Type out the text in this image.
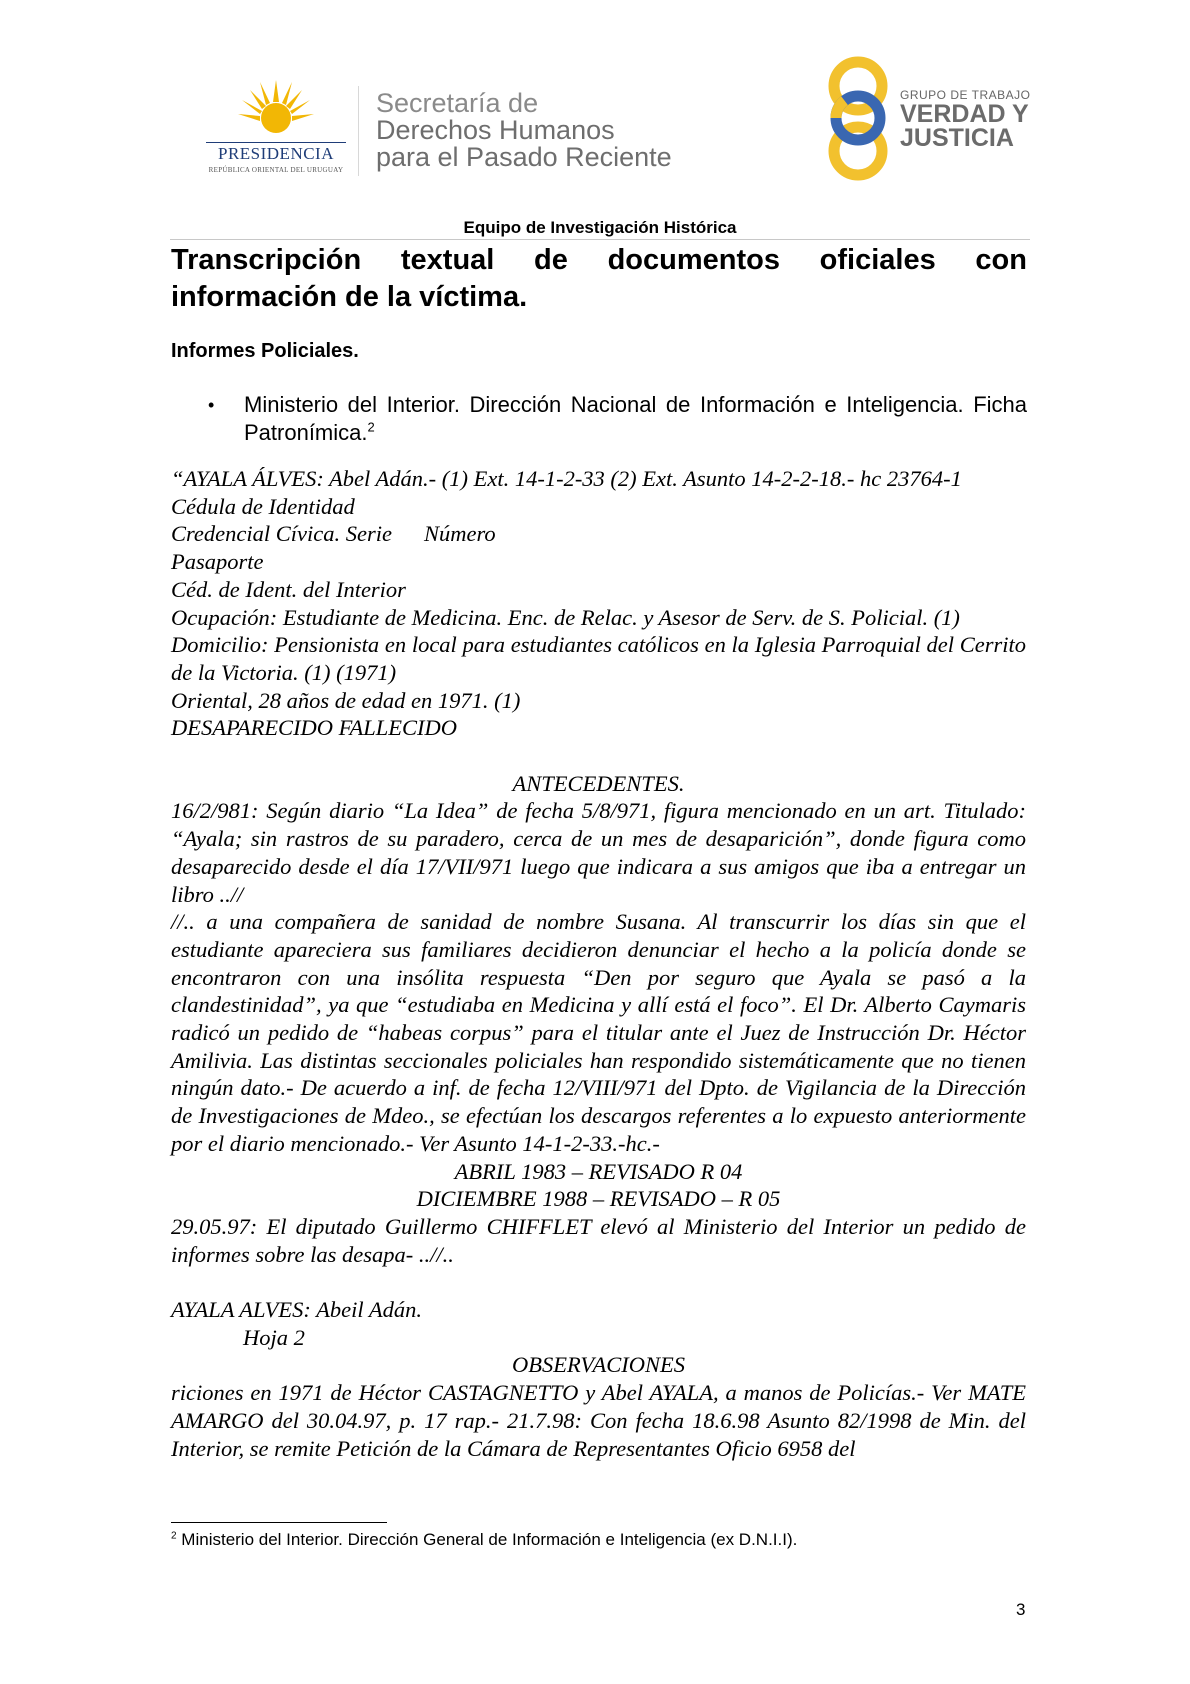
PRESIDENCIA
REPÚBLICA ORIENTAL DEL URUGUAY
Secretaría de
Derechos Humanos
para el Pasado Reciente
GRUPO DE TRABAJO
VERDAD Y
JUSTICIA
Equipo de Investigación Histórica
Transcripción textual de documentos oficiales con información de la víctima.
Informes Policiales.
• Ministerio del Interior. Dirección Nacional de Información e Inteligencia. Ficha Patronímica.$^2$

“AYALA ÁLVES: Abel Adán.- (1) Ext. 14-1-2-33 (2) Ext. Asunto 14-2-2-18.- hc 23764-1

Cédula de Identidad

Credencial Cívica. Serie Número

Pasaporte

Céd. de Ident. del Interior

Ocupación: Estudiante de Medicina. Enc. de Relac. y Asesor de Serv. de S. Policial. (1)

Domicilio: Pensionista en local para estudiantes católicos en la Iglesia Parroquial del Cerrito de la Victoria. (1) (1971)

Oriental, 28 años de edad en 1971. (1)

DESAPARECIDO FALLECIDO

ANTECEDENTES.

16/2/981: Según diario “La Idea” de fecha 5/8/971, figura mencionado en un art. Titulado: “Ayala; sin rastros de su paradero, cerca de un mes de desaparición”, donde figura como desaparecido desde el día 17/VII/971 luego que indicara a sus amigos que iba a entregar un libro ..//

//.. a una compañera de sanidad de nombre Susana. Al transcurrir los días sin que el estudiante apareciera sus familiares decidieron denunciar el hecho a la policía donde se encontraron con una insólita respuesta “Den por seguro que Ayala se pasó a la clandestinidad”, ya que “estudiaba en Medicina y allí está el foco”. El Dr. Alberto Caymaris radicó un pedido de “habeas corpus” para el titular ante el Juez de Instrucción Dr. Héctor Amilivia. Las distintas seccionales policiales han respondido sistemáticamente que no tienen ningún dato.- De acuerdo a inf. de fecha 12/VIII/971 del Dpto. de Vigilancia de la Dirección de Investigaciones de Mdeo., se efectúan los descargos referentes a lo expuesto anteriormente por el diario mencionado.- Ver Asunto 14-1-2-33.-hc.-

ABRIL 1983 – REVISADO R 04

DICIEMBRE 1988 – REVISADO – R 05

29.05.97: El diputado Guillermo CHIFFLET elevó al Ministerio del Interior un pedido de informes sobre las desapa- ..//..

AYALA ALVES: Abeil Adán.

Hoja 2

OBSERVACIONES

riciones en 1971 de Héctor CASTAGNETTO y Abel AYALA, a manos de Policías.- Ver MATE AMARGO del 30.04.97, p. 17 rap.- 21.7.98: Con fecha 18.6.98 Asunto 82/1998 de Min. del Interior, se remite Petición de la Cámara de Representantes Oficio 6958 del

$^2$ Ministerio del Interior. Dirección General de Información e Inteligencia (ex D.N.I.I).
3
